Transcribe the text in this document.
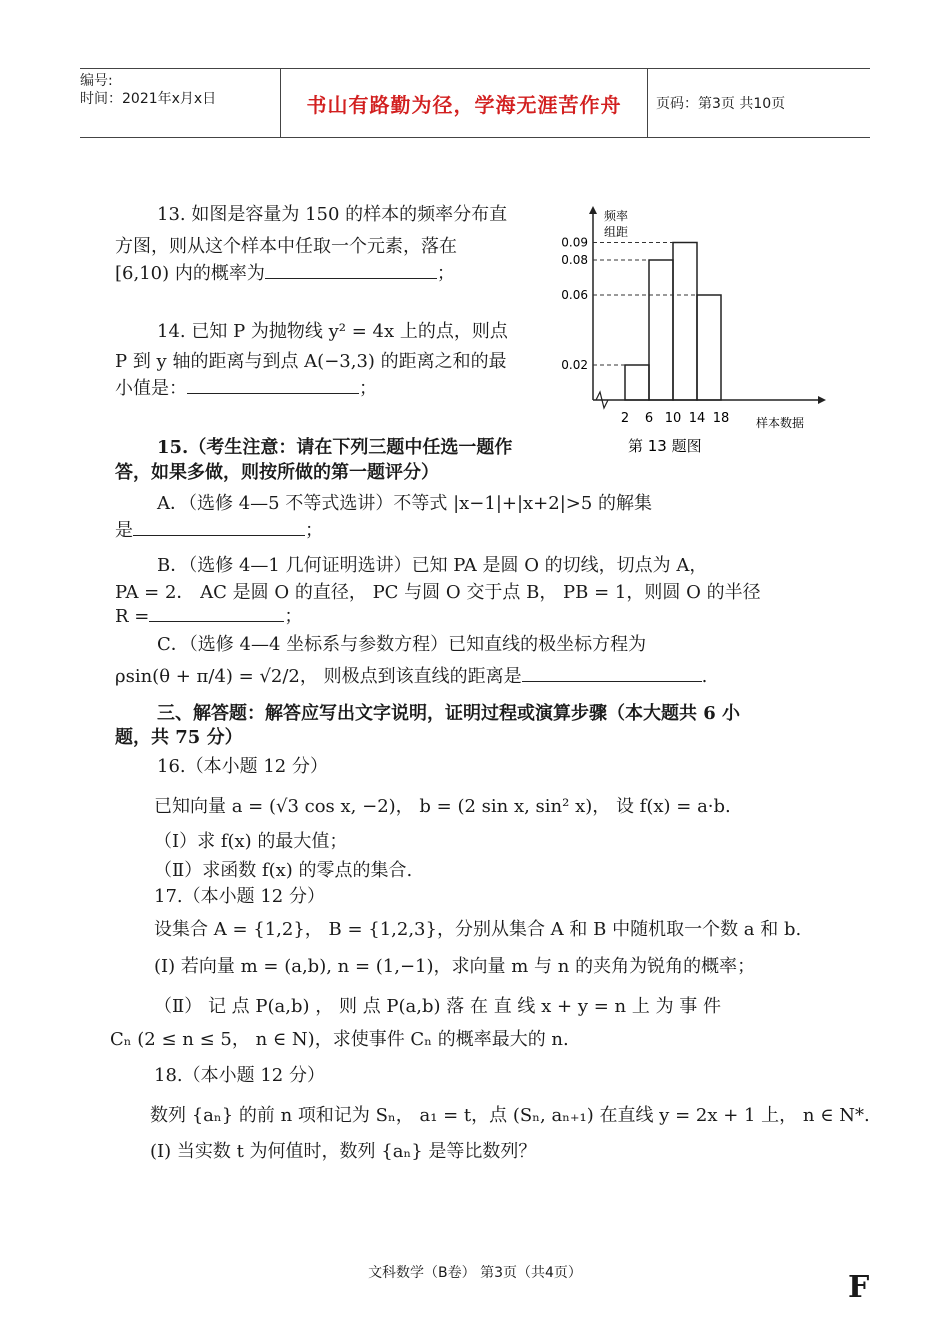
编号:
时间：2021年x月x日	书山有路勤为径，学海无涯苦作舟	页码：第3页 共10页
13. 如图是容量为 150 的样本的频率分布直
方图，则从这个样本中任取一个元素，落在
[6,10) 内的概率为	；
14. 已知 P 为抛物线 y² = 4x 上的点，则点
P 到 y 轴的距离与到点 A(−3,3) 的距离之和的最
小值是：	；
0.02
0.06
0.08
0.09
2 6 10 14 18
频率
组距
样本数据
第 13 题图
15.（考生注意：请在下列三题中任选一题作
答，如果多做，则按所做的第一题评分）
A．（选修 4—5 不等式选讲）不等式 |x−1|+|x+2|>5 的解集
是	；
B．（选修 4—1 几何证明选讲）已知 PA 是圆 O 的切线，切点为 A，
PA = 2． AC 是圆 O 的直径， PC 与圆 O 交于点 B， PB = 1，则圆 O 的半径
R =	；
C．（选修 4—4 坐标系与参数方程）已知直线的极坐标方程为
ρsin(θ + π/4) = √2/2， 则极点到该直线的距离是	.
三、解答题：解答应写出文字说明，证明过程或演算步骤（本大题共 6 小
题，共 75 分）
16.（本小题 12 分）
已知向量 a = (√3 cos x, −2)， b = (2 sin x, sin² x)， 设 f(x) = a·b.
（Ⅰ）求 f(x) 的最大值；
（Ⅱ）求函数 f(x) 的零点的集合.
17.（本小题 12 分）
设集合 A = {1,2}， B = {1,2,3}，分别从集合 A 和 B 中随机取一个数 a 和 b.
(Ⅰ) 若向量 m = (a,b), n = (1,−1)，求向量 m 与 n 的夹角为锐角的概率；
（Ⅱ） 记 点 P(a,b) ， 则 点 P(a,b) 落 在 直 线 x + y = n 上 为 事 件
Cₙ (2 ≤ n ≤ 5， n ∈ N)，求使事件 Cₙ 的概率最大的 n.
18.（本小题 12 分）
数列 {aₙ} 的前 n 项和记为 Sₙ， a₁ = t，点 (Sₙ, aₙ₊₁) 在直线 y = 2x + 1 上， n ∈ N*.
(Ⅰ) 当实数 t 为何值时，数列 {aₙ} 是等比数列？
文科数学（B卷） 第3页（共4页）	F
